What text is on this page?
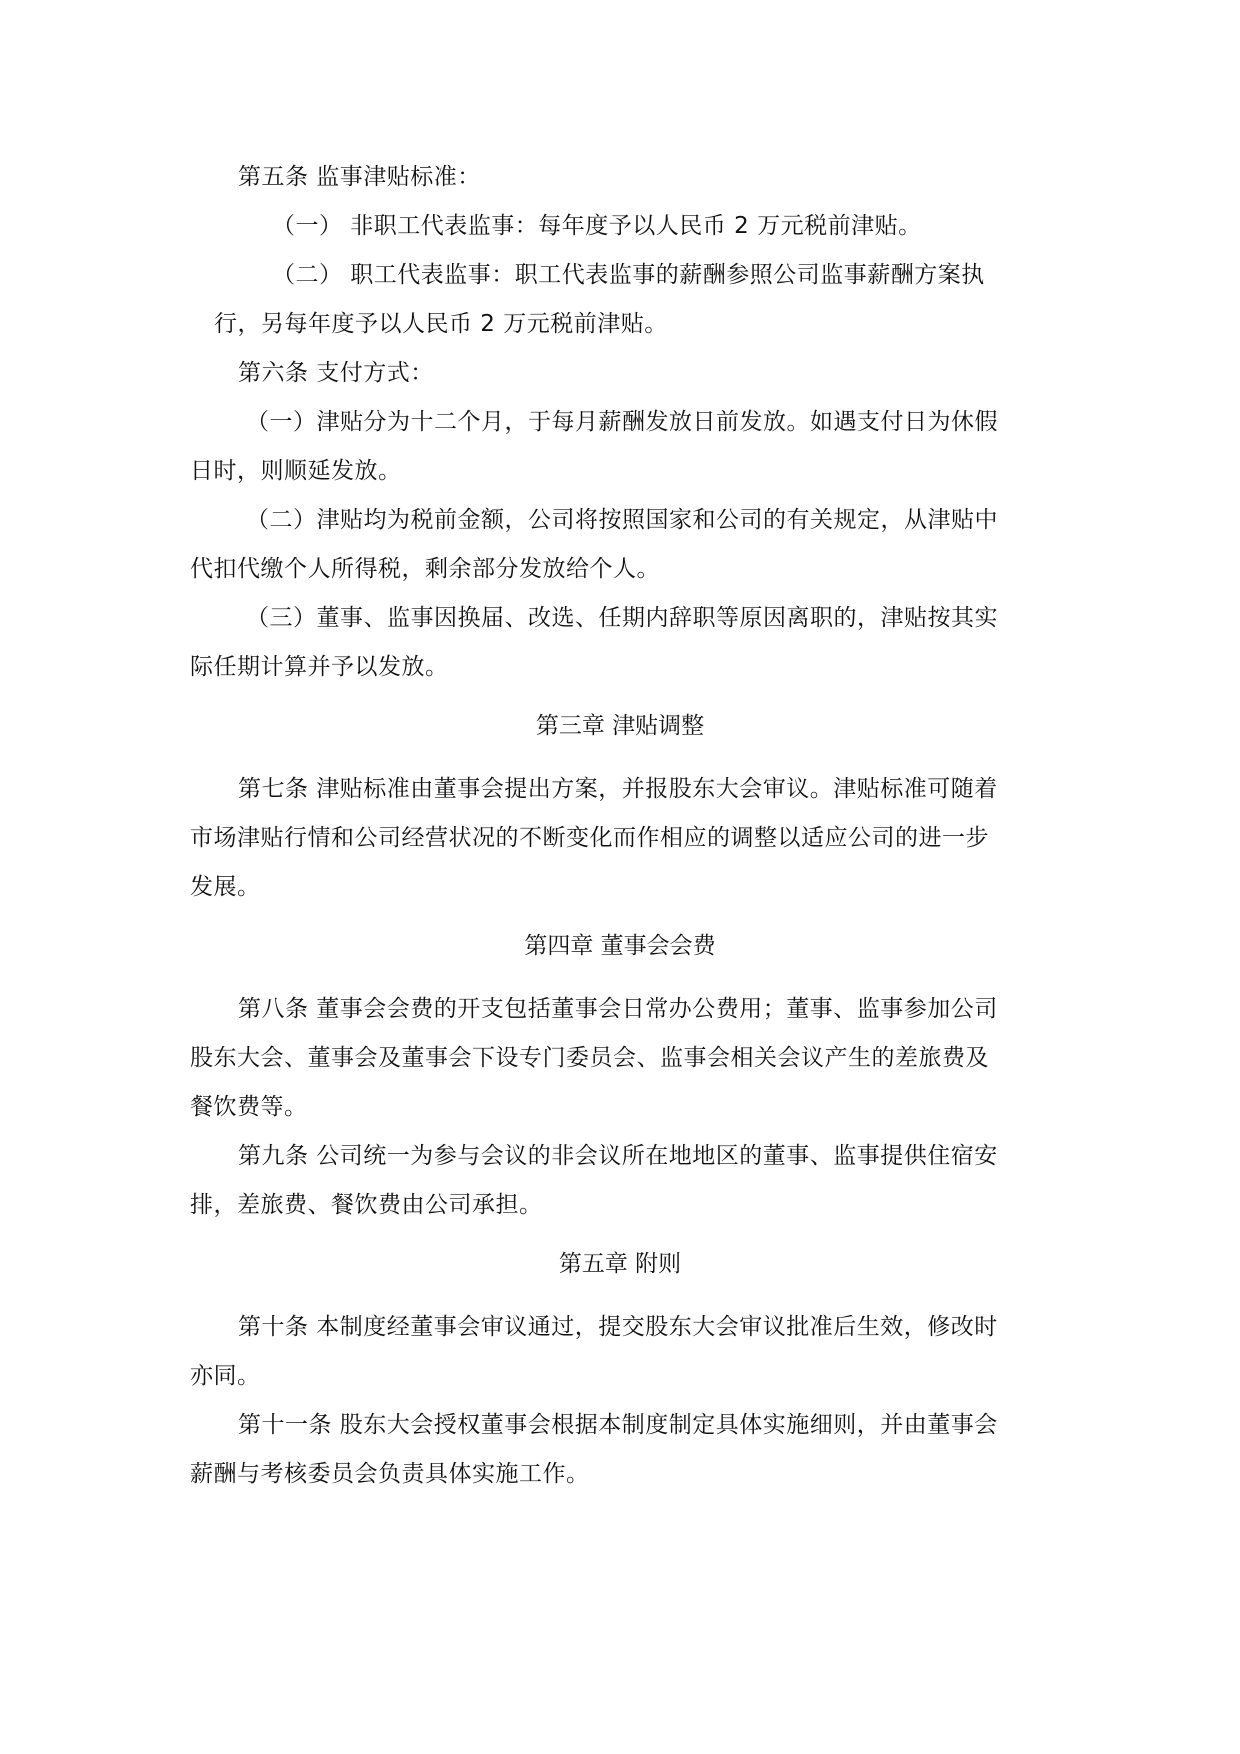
第五条 监事津贴标准：
（一） 非职工代表监事：每年度予以人民币 2 万元税前津贴。
（二） 职工代表监事：职工代表监事的薪酬参照公司监事薪酬方案执
行，另每年度予以人民币 2 万元税前津贴。
第六条 支付方式：
（一）津贴分为十二个月，于每月薪酬发放日前发放。如遇支付日为休假
日时，则顺延发放。
（二）津贴均为税前金额，公司将按照国家和公司的有关规定，从津贴中
代扣代缴个人所得税，剩余部分发放给个人。
（三）董事、监事因换届、改选、任期内辞职等原因离职的，津贴按其实
际任期计算并予以发放。
第三章 津贴调整
第七条 津贴标准由董事会提出方案，并报股东大会审议。津贴标准可随着
市场津贴行情和公司经营状况的不断变化而作相应的调整以适应公司的进一步
发展。
第四章 董事会会费
第八条 董事会会费的开支包括董事会日常办公费用；董事、监事参加公司
股东大会、董事会及董事会下设专门委员会、监事会相关会议产生的差旅费及
餐饮费等。
第九条 公司统一为参与会议的非会议所在地地区的董事、监事提供住宿安
排，差旅费、餐饮费由公司承担。
第五章 附则
第十条 本制度经董事会审议通过，提交股东大会审议批准后生效，修改时
亦同。
第十一条 股东大会授权董事会根据本制度制定具体实施细则，并由董事会
薪酬与考核委员会负责具体实施工作。
